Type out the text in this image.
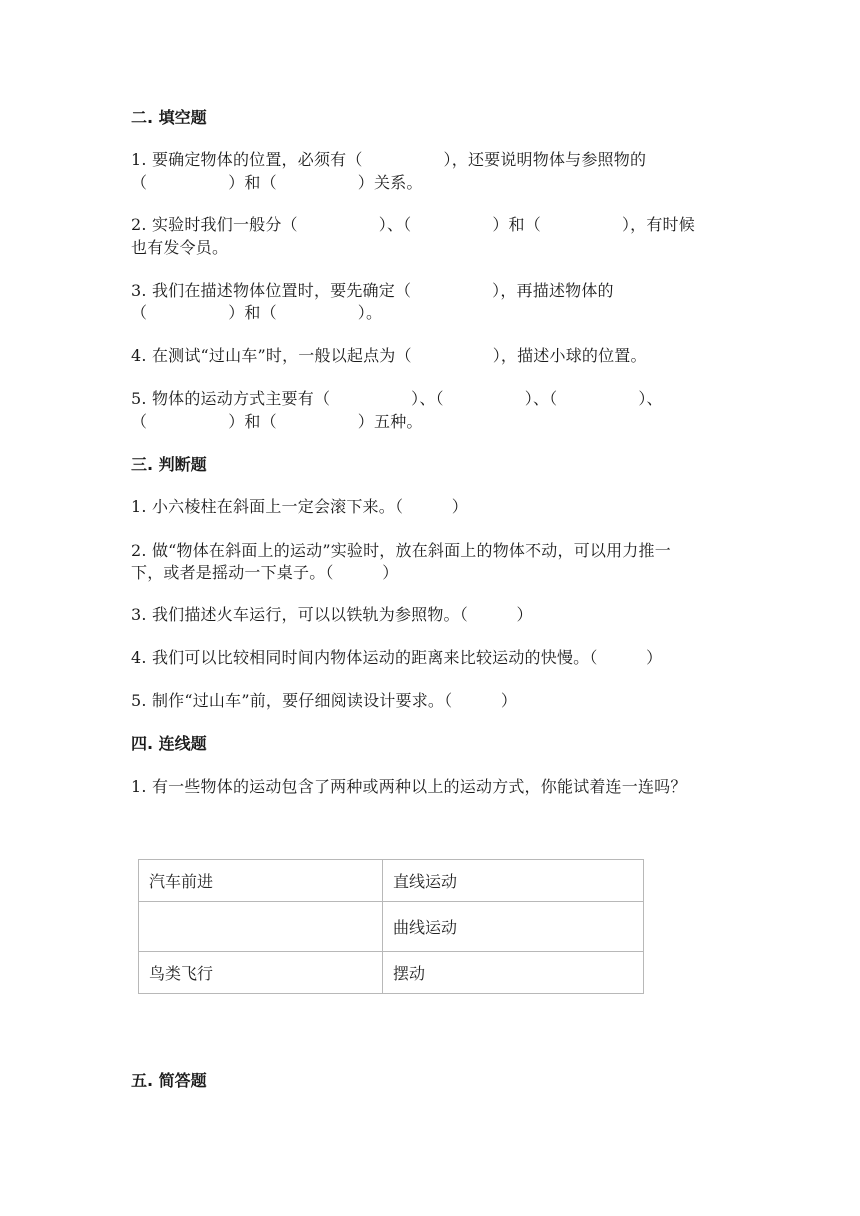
二. 填空题
1. 要确定物体的位置，必须有（　　　　　），还要说明物体与参照物的
（　　　　　）和（　　　　　）关系。
2. 实验时我们一般分（　　　　　）、（　　　　　）和（　　　　　），有时候
也有发令员。
3. 我们在描述物体位置时，要先确定（　　　　　），再描述物体的
（　　　　　）和（　　　　　）。
4. 在测试“过山车”时，一般以起点为（　　　　　），描述小球的位置。
5. 物体的运动方式主要有（　　　　　）、（　　　　　）、（　　　　　）、
（　　　　　）和（　　　　　）五种。
三. 判断题
1. 小六棱柱在斜面上一定会滚下来。（　　　）
2. 做“物体在斜面上的运动”实验时，放在斜面上的物体不动，可以用力推一
下，或者是摇动一下桌子。（　　　）
3. 我们描述火车运行，可以以铁轨为参照物。（　　　）
4. 我们可以比较相同时间内物体运动的距离来比较运动的快慢。（　　　）
5. 制作“过山车”前，要仔细阅读设计要求。（　　　）
四. 连线题
1. 有一些物体的运动包含了两种或两种以上的运动方式，你能试着连一连吗？
汽车前进	直线运动
	曲线运动
鸟类飞行	摆动
五. 简答题
